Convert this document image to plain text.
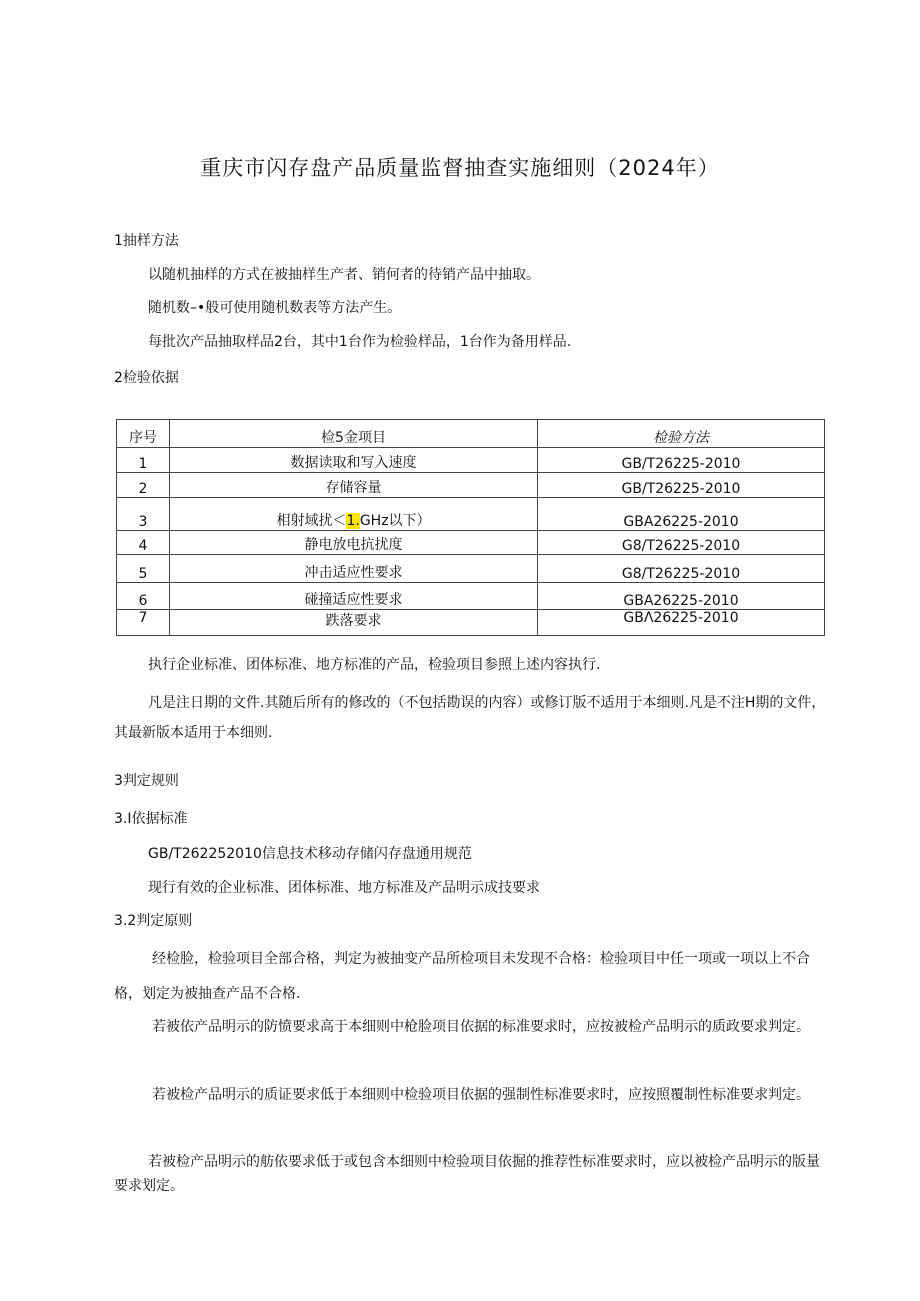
重庆市闪存盘产品质量监督抽查实施细则（2024年）
1抽样方法
以随机抽样的方式在被抽样生产者、销何者的待销产品中抽取。
随机数–•般可使用随机数表等方法产生。
每批次产品抽取样品2台，其中1台作为检验样品，1台作为备用样品.
2检验依据
序号	检5金项目	检验方法
1	数据读取和写入速度	GB/T26225-2010
2	存储容量	GB/T26225-2010
3	相射域扰＜1.GHz以下）	GBA26225-2010
4	静电放电抗扰度	G8/T26225-2010
5	冲击适应性要求	G8/T26225-2010
6	碰撞适应性要求	GBA26225-2010
7	跌落要求	GBΛ26225-2010
执行企业标准、团体标准、地方标准的产品，检验项目参照上述内容执行.
凡是注日期的文件.其随后所有的修改的（不包括勘误的内容）或修订版不适用于本细则.凡是不注H期的文件，其最新版本适用于本细则.
3判定规则
3.I依据标准
GB/T262252010信息技术移动存储闪存盘通用规范
现行有效的企业标准、团体标准、地方标准及产品明示成技要求
3.2判定原则
经检脸，检验项目全部合格，判定为被抽变产品所检项目未发现不合格：检验项目中任一项或一项以上不合格，划定为被抽查产品不合格.
若被依产品明示的防愤要求高于本细则中枪脸项目依据的标准要求时，应按被检产品明示的质政要求判定。
若被检产品明示的质证要求低于本细则中检验项目依据的强制性标准要求时，应按照覆制性标准要求判定。
若被检产品明示的舫依要求低于或包含本细则中检验项目依掘的推荐性标准要求时，应以被检产品明示的版量要求划定。
